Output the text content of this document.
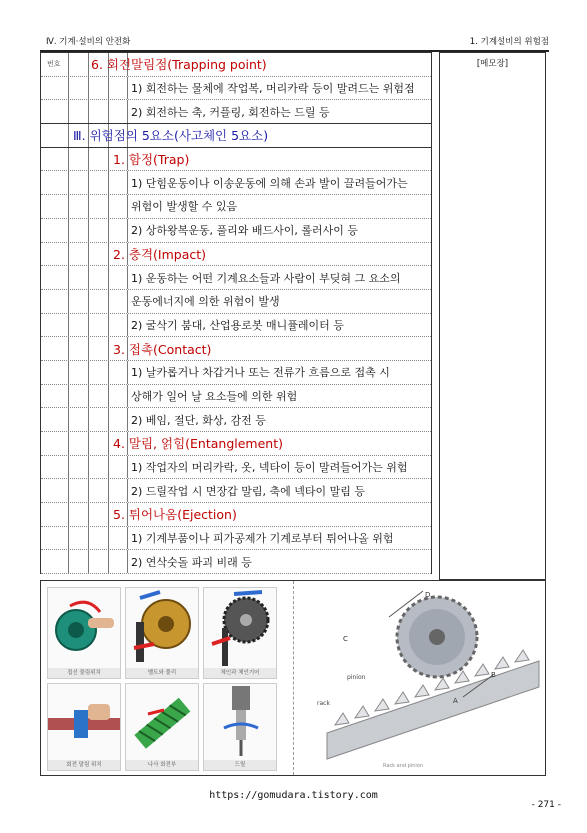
Ⅳ. 기계·설비의 안전화	1. 기계설비의 위험점
6. 회전말림점(Trapping point)
번호
1) 회전하는 물체에 작업복, 머리카락 등이 말려드는 위험점
2) 회전하는 축, 커플링, 회전하는 드릴 등
Ⅲ. 위험점의 5요소(사고체인 5요소)
1. 함정(Trap)
1) 단힘운동이나 이송운동에 의해 손과 발이 끌려들어가는
위험이 발생할 수 있음
2) 상하왕복운동, 풀리와 배드사이, 롤러사이 등
2. 충격(Impact)
1) 운동하는 어떤 기계요소들과 사람이 부딪혀 그 요소의
운동에너지에 의한 위험이 발생
2) 굴삭기 붐대, 산업용로봇 매니퓰레이터 등
3. 접촉(Contact)
1) 날카롭거나 차갑거나 또는 전류가 흐름으로 접촉 시
상해가 일어 날 요소들에 의한 위험
2) 베임, 절단, 화상, 감전 등
4. 말림, 얽힘(Entanglement)
1) 작업자의 머리카락, 옷, 넥타이 등이 말려들어가는 위험
2) 드릴작업 시 면장갑 말림, 축에 넥타이 말림 등
5. 튀어나옴(Ejection)
1) 기계부품이나 피가공제가 기계로부터 튀어나올 위험
2) 연삭숫돌 파괴 비래 등
[메모장]
접선 물림위치	벨트와 풀리	체인과 체인기어
회전 말림 위치	나사 회전부	드릴
D
C
A
B
pinion
rack
Rack and pinion
https://gomudara.tistory.com
- 271 -
